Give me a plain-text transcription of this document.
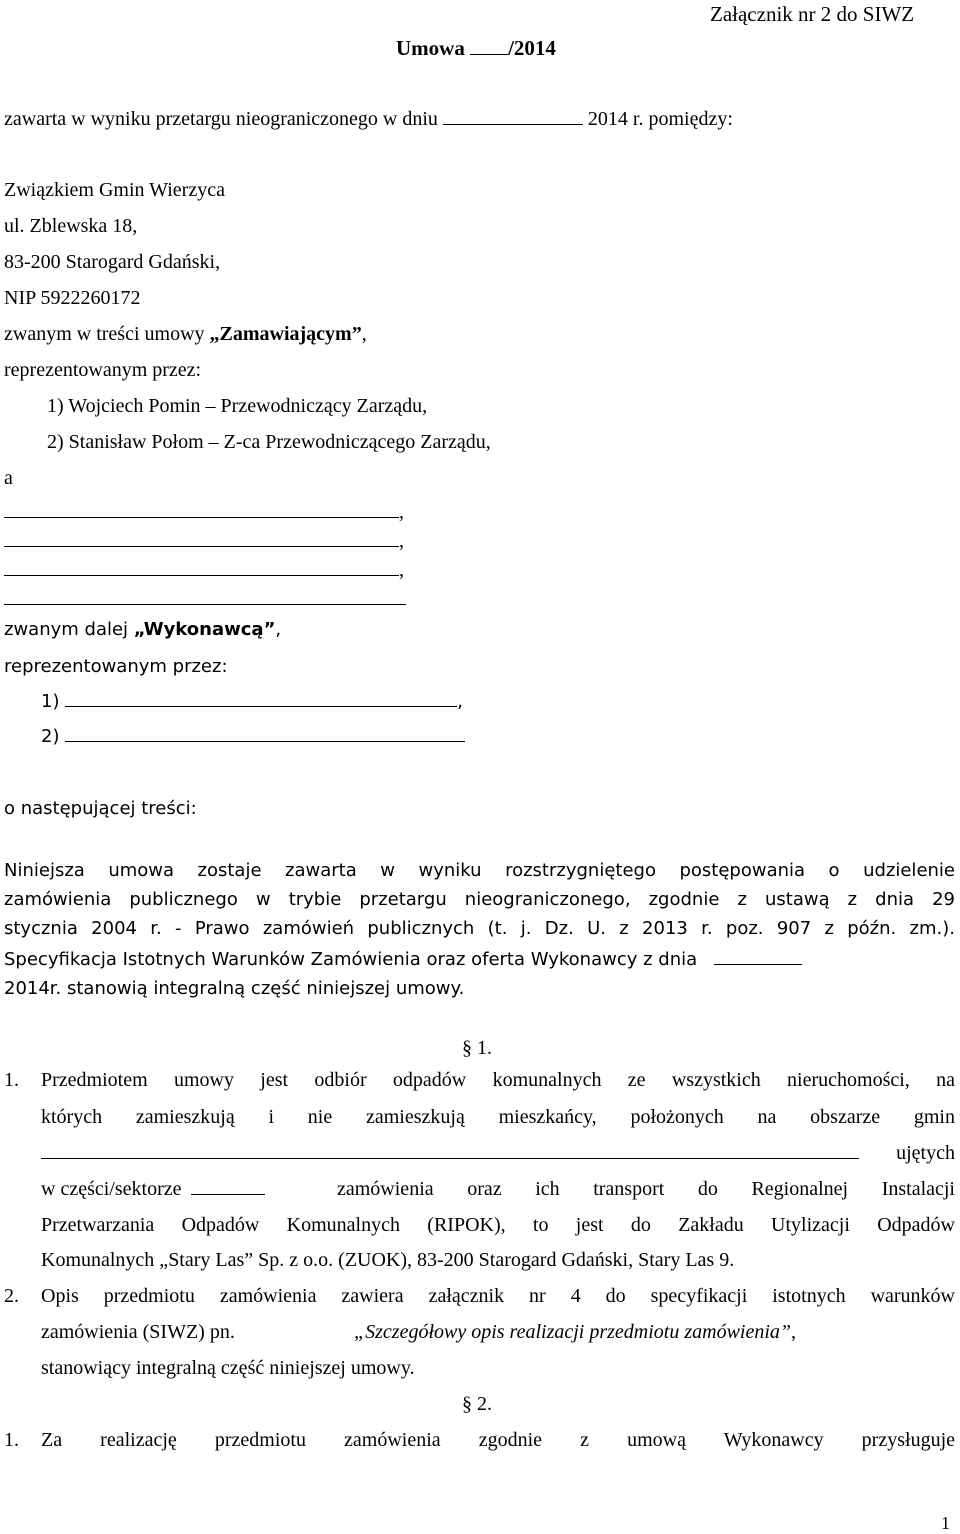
Załącznik nr 2 do SIWZ
Umowa /2014
zawarta w wyniku przetargu nieograniczonego w dniu	2014 r. pomiędzy:
Związkiem Gmin Wierzyca
ul. Zblewska 18,
83-200 Starogard Gdański,
NIP 5922260172
zwanym w treści umowy „Zamawiającym”,
reprezentowanym przez:
1) Wojciech Pomin – Przewodniczący Zarządu,
2) Stanisław Połom – Z-ca Przewodniczącego Zarządu,
a
,
,
,
zwanym dalej „Wykonawcą”,
reprezentowanym przez:
1)	,
2)
o następującej treści:
Niniejsza umowa zostaje zawarta w wyniku rozstrzygniętego postępowania o udzielenie
zamówienia publicznego w trybie przetargu nieograniczonego, zgodnie z ustawą z dnia 29
stycznia 2004 r. - Prawo zamówień publicznych (t. j. Dz. U. z 2013 r. poz. 907 z późn. zm.).
Specyfikacja Istotnych Warunków Zamówienia oraz oferta Wykonawcy z dnia
2014r. stanowią integralną część niniejszej umowy.
§ 1.
1. Przedmiotem umowy jest odbiór odpadów komunalnych ze wszystkich nieruchomości, na
których zamieszkują i nie zamieszkują mieszkańcy, położonych na obszarze gmin
ujętych
w części/sektorze	zamówienia oraz ich transport do Regionalnej Instalacji
Przetwarzania Odpadów Komunalnych (RIPOK), to jest do Zakładu Utylizacji Odpadów
Komunalnych „Stary Las” Sp. z o.o. (ZUOK), 83-200 Starogard Gdański, Stary Las 9.
2. Opis przedmiotu zamówienia zawiera załącznik nr 4 do specyfikacji istotnych warunków
zamówienia (SIWZ) pn.	„Szczegółowy opis realizacji przedmiotu zamówienia”,
stanowiący integralną część niniejszej umowy.
§ 2.
1. Za realizację przedmiotu zamówienia zgodnie z umową Wykonawcy przysługuje
1
